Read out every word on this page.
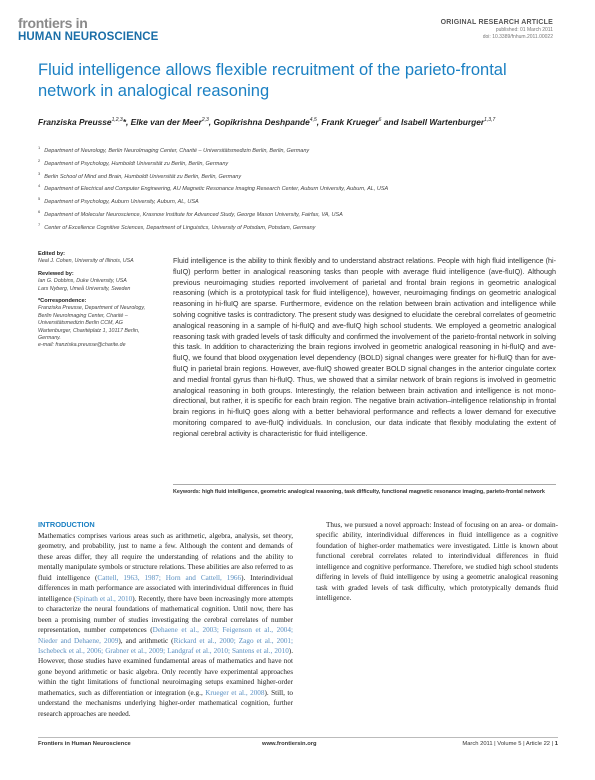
frontiers in
HUMAN NEUROSCIENCE
ORIGINAL RESEARCH ARTICLE
published: 01 March 2011
doi: 10.3389/fnhum.2011.00022
Fluid intelligence allows flexible recruitment of the parieto-frontal network in analogical reasoning
Franziska Preusse$^{1,2,3}$*, Elke van der Meer$^{2,3}$, Gopikrishna Deshpande$^{4,5}$, Frank Krueger$^6$ and Isabell Wartenburger$^{1,3,7}$
$^1$Department of Neurology, Berlin NeuroImaging Center, Charité – Universitätsmedizin Berlin, Berlin, Germany
$^2$Department of Psychology, Humboldt Universität zu Berlin, Berlin, Germany
$^3$Berlin School of Mind and Brain, Humboldt Universität zu Berlin, Berlin, Germany
$^4$Department of Electrical and Computer Engineering, AU Magnetic Resonance Imaging Research Center, Auburn University, Auburn, AL, USA
$^5$Department of Psychology, Auburn University, Auburn, AL, USA
$^6$Department of Molecular Neuroscience, Krasnow Institute for Advanced Study, George Mason University, Fairfax, VA, USA
$^7$Center of Excellence Cognitive Sciences, Department of Linguistics, University of Potsdam, Potsdam, Germany
Edited by:
Neal J. Cohen, University of Illinois, USA
Reviewed by:
Ian G. Dobbins, Duke University, USA
Lars Nyberg, Umeå University, Sweden
*Correspondence:
Franziska Preusse, Department of Neurology, Berlin NeuroImaging Center, Charité – Universitätsmedizin Berlin CCM, AG Wartenburger, Charitéplatz 1, 10117 Berlin, Germany.
e-mail: franziska.preusse@charite.de

Fluid intelligence is the ability to think flexibly and to understand abstract relations. People with high fluid intelligence (hi-fluIQ) perform better in analogical reasoning tasks than people with average fluid intelligence (ave-fluIQ). Although previous neuroimaging studies reported involvement of parietal and frontal brain regions in geometric analogical reasoning (which is a prototypical task for fluid intelligence), however, neuroimaging findings on geometric analogical reasoning in hi-fluIQ are sparse. Furthermore, evidence on the relation between brain activation and intelligence while solving cognitive tasks is contradictory. The present study was designed to elucidate the cerebral correlates of geometric analogical reasoning in a sample of hi-fluIQ and ave-fluIQ high school students. We employed a geometric analogical reasoning task with graded levels of task difficulty and confirmed the involvement of the parieto-frontal network in solving this task. In addition to characterizing the brain regions involved in geometric analogical reasoning in hi-fluIQ and ave-fluIQ, we found that blood oxygenation level dependency (BOLD) signal changes were greater for hi-fluIQ than for ave-fluIQ in parietal brain regions. However, ave-fluIQ showed greater BOLD signal changes in the anterior cingulate cortex and medial frontal gyrus than hi-fluIQ. Thus, we showed that a similar network of brain regions is involved in geometric analogical reasoning in both groups. Interestingly, the relation between brain activation and intelligence is not mono-directional, but rather, it is specific for each brain region. The negative brain activation–intelligence relationship in frontal brain regions in hi-fluIQ goes along with a better behavioral performance and reflects a lower demand for executive monitoring compared to ave-fluIQ individuals. In conclusion, our data indicate that flexibly modulating the extent of regional cerebral activity is characteristic for fluid intelligence.

Keywords: high fluid intelligence, geometric analogical reasoning, task difficulty, functional magnetic resonance imaging, parieto-frontal network

INTRODUCTION

Mathematics comprises various areas such as arithmetic, algebra, analysis, set theory, geometry, and probability, just to name a few. Although the content and demands of these areas differ, they all require the understanding of relations and the ability to mentally manipulate symbols or structure relations. These abilities are also referred to as fluid intelligence (Cattell, 1963, 1987; Horn and Cattell, 1966). Interindividual differences in math performance are associated with interindividual differences in fluid intelligence (Spinath et al., 2010). Recently, there have been increasingly more attempts to characterize the neural foundations of mathematical cognition. Until now, there has been a promising number of studies investigating the cerebral correlates of number representation, number competences (Dehaene et al., 2003; Feigenson et al., 2004; Nieder and Dehaene, 2009), and arithmetic (Rickard et al., 2000; Zago et al., 2001; Ischebeck et al., 2006; Grabner et al., 2009; Landgraf et al., 2010; Santens et al., 2010). However, those studies have examined fundamental areas of mathematics and have not gone beyond arithmetic or basic algebra. Only recently have experimental approaches within the tight limitations of functional neuroimaging setups examined higher-order mathematics, such as differentiation or integration (e.g., Krueger et al., 2008). Still, to understand the mechanisms underlying higher-order mathematical cognition, further research approaches are needed.

Thus, we pursued a novel approach: Instead of focusing on an area- or domain-specific ability, interindividual differences in fluid intelligence as a cognitive foundation of higher-order mathematics were investigated. Little is known about functional cerebral correlates related to interindividual differences in fluid intelligence and cognitive performance. Therefore, we studied high school students differing in levels of fluid intelligence by using a geometric analogical reasoning task with graded levels of task difficulty, which prototypically demands fluid intelligence.

Frontiers in Human Neuroscience	www.frontiersin.org	March 2011 | Volume 5 | Article 22 | 1
